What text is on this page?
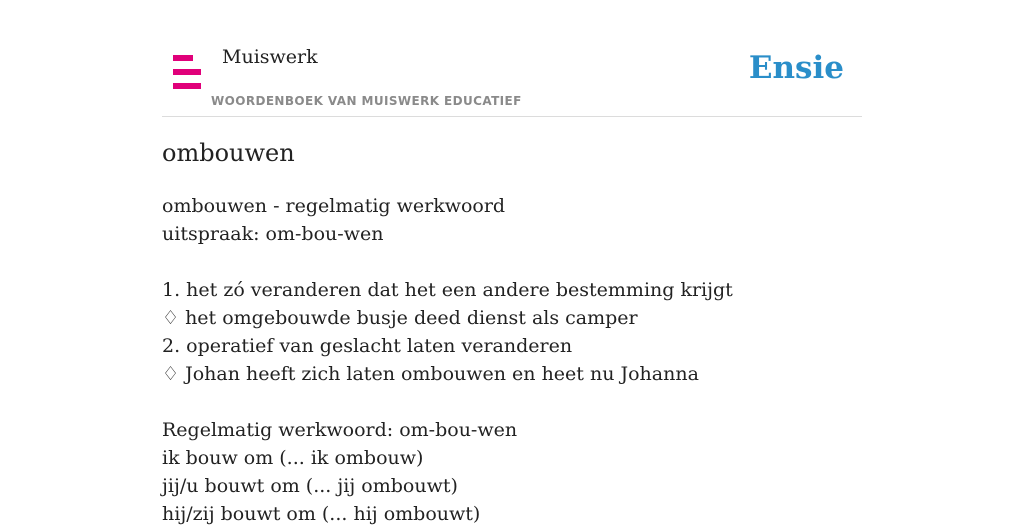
Muiswerk
WOORDENBOEK VAN MUISWERK EDUCATIEF
Ensie
ombouwen
ombouwen - regelmatig werkwoord
uitspraak: om-bou-wen
1. het zó veranderen dat het een andere bestemming krijgt
♢ het omgebouwde busje deed dienst als camper
2. operatief van geslacht laten veranderen
♢ Johan heeft zich laten ombouwen en heet nu Johanna
Regelmatig werkwoord: om-bou-wen
ik bouw om (... ik ombouw)
jij/u bouwt om (... jij ombouwt)
hij/zij bouwt om (... hij ombouwt)
